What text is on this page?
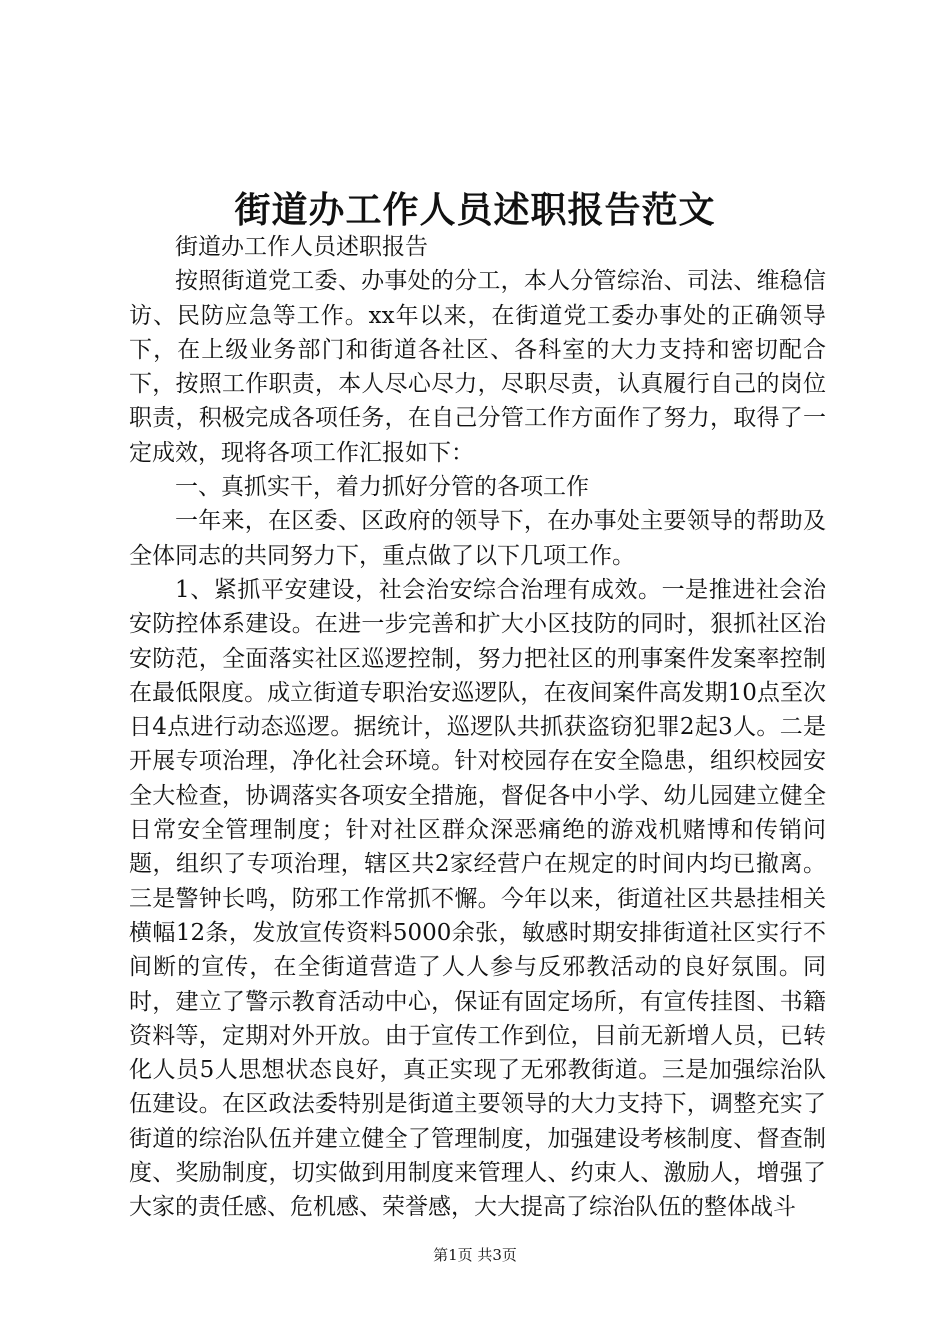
街道办工作人员述职报告范文

街道办工作人员述职报告

按照街道党工委、办事处的分工，本人分管综治、司法、维稳信访、民防应急等工作。xx年以来，在街道党工委办事处的正确领导下，在上级业务部门和街道各社区、各科室的大力支持和密切配合下，按照工作职责，本人尽心尽力，尽职尽责，认真履行自己的岗位职责，积极完成各项任务，在自己分管工作方面作了努力，取得了一定成效，现将各项工作汇报如下：

一、真抓实干，着力抓好分管的各项工作

一年来，在区委、区政府的领导下，在办事处主要领导的帮助及全体同志的共同努力下，重点做了以下几项工作。

1、紧抓平安建设，社会治安综合治理有成效。一是推进社会治安防控体系建设。在进一步完善和扩大小区技防的同时，狠抓社区治安防范，全面落实社区巡逻控制，努力把社区的刑事案件发案率控制在最低限度。成立街道专职治安巡逻队，在夜间案件高发期10点至次日4点进行动态巡逻。据统计，巡逻队共抓获盗窃犯罪2起3人。二是开展专项治理，净化社会环境。针对校园存在安全隐患，组织校园安全大检查，协调落实各项安全措施，督促各中小学、幼儿园建立健全日常安全管理制度；针对社区群众深恶痛绝的游戏机赌博和传销问题，组织了专项治理，辖区共2家经营户在规定的时间内均已撤离。三是警钟长鸣，防邪工作常抓不懈。今年以来，街道社区共悬挂相关横幅12条，发放宣传资料5000余张，敏感时期安排街道社区实行不间断的宣传，在全街道营造了人人参与反邪教活动的良好氛围。同时，建立了警示教育活动中心，保证有固定场所，有宣传挂图、书籍资料等，定期对外开放。由于宣传工作到位，目前无新增人员，已转化人员5人思想状态良好，真正实现了无邪教街道。三是加强综治队伍建设。在区政法委特别是街道主要领导的大力支持下，调整充实了街道的综治队伍并建立健全了管理制度，加强建设考核制度、督查制度、奖励制度，切实做到用制度来管理人、约束人、激励人，增强了大家的责任感、危机感、荣誉感，大大提高了综治队伍的整体战斗

第1页 共3页
